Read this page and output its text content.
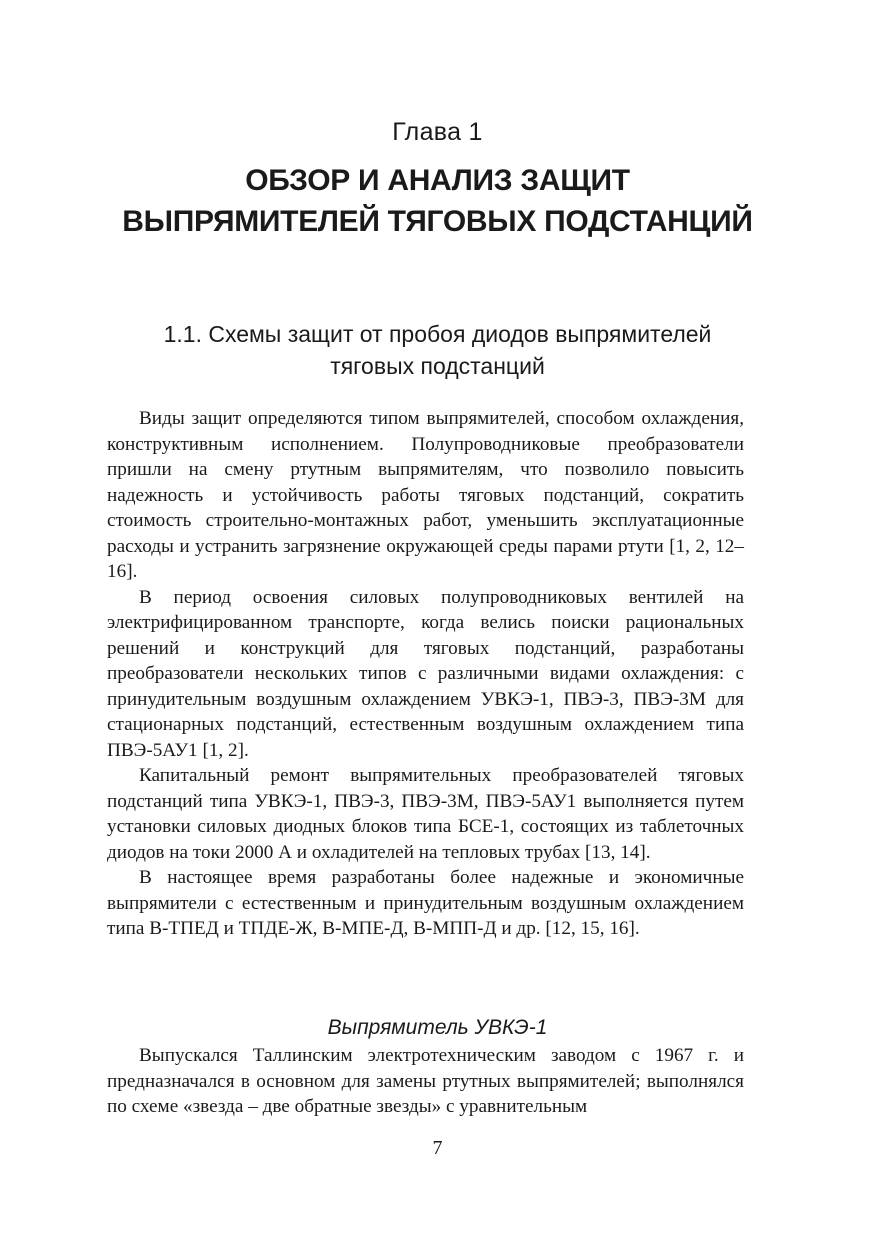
Глава 1
ОБЗОР И АНАЛИЗ ЗАЩИТ
ВЫПРЯМИТЕЛЕЙ ТЯГОВЫХ ПОДСТАНЦИЙ
1.1. Схемы защит от пробоя диодов выпрямителей
тяговых подстанций

Виды защит определяются типом выпрямителей, способом охлаждения, конструктивным исполнением. Полупроводниковые преобразователи пришли на смену ртутным выпрямителям, что позволило повысить надежность и устойчивость работы тяговых подстанций, сократить стоимость строительно-монтажных работ, уменьшить эксплуатационные расходы и устранить загрязнение окружающей среды парами ртути [1, 2, 12–16].

В период освоения силовых полупроводниковых вентилей на электрифицированном транспорте, когда велись поиски рациональных решений и конструкций для тяговых подстанций, разработаны преобразователи нескольких типов с различными видами охлаждения: с принудительным воздушным охлаждением УВКЭ-1, ПВЭ-3, ПВЭ-3М для стационарных подстанций, естественным воздушным охлаждением типа ПВЭ-5АУ1 [1, 2].

Капитальный ремонт выпрямительных преобразователей тяговых подстанций типа УВКЭ-1, ПВЭ-3, ПВЭ-3М, ПВЭ-5АУ1 выполняется путем установки силовых диодных блоков типа БСЕ-1, состоящих из таблеточных диодов на токи 2000 А и охладителей на тепловых трубах [13, 14].

В настоящее время разработаны более надежные и экономичные выпрямители с естественным и принудительным воздушным охлаждением типа В-ТПЕД и ТПДЕ-Ж, В-МПЕ-Д, В-МПП-Д и др. [12, 15, 16].

Выпрямитель УВКЭ-1

Выпускался Таллинским электротехническим заводом с 1967 г. и предназначался в основном для замены ртутных выпрямителей; выполнялся по схеме «звезда – две обратные звезды» с уравнительным

7
